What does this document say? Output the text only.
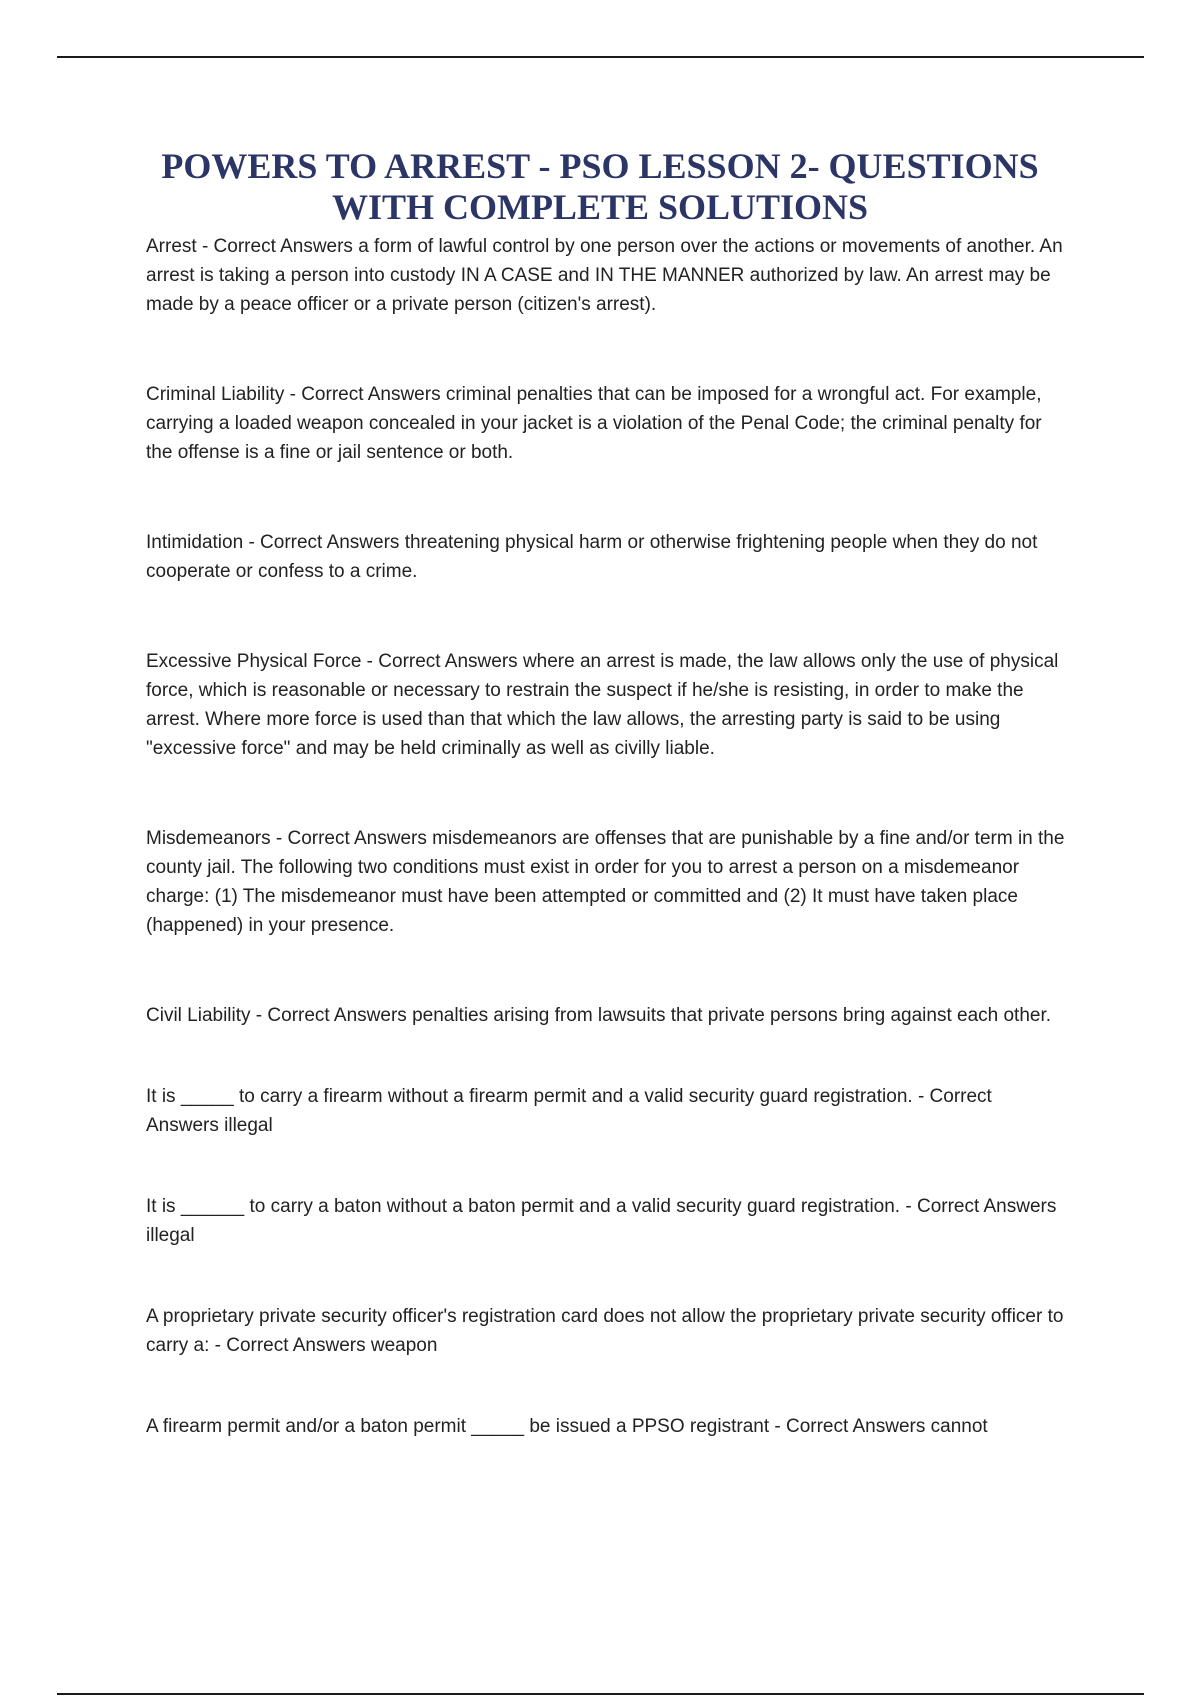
POWERS TO ARREST - PSO LESSON 2- QUESTIONS WITH COMPLETE SOLUTIONS

Arrest - Correct Answers a form of lawful control by one person over the actions or movements of another. An arrest is taking a person into custody IN A CASE and IN THE MANNER authorized by law. An arrest may be made by a peace officer or a private person (citizen's arrest).

Criminal Liability - Correct Answers criminal penalties that can be imposed for a wrongful act. For example, carrying a loaded weapon concealed in your jacket is a violation of the Penal Code; the criminal penalty for the offense is a fine or jail sentence or both.

Intimidation - Correct Answers threatening physical harm or otherwise frightening people when they do not cooperate or confess to a crime.

Excessive Physical Force - Correct Answers where an arrest is made, the law allows only the use of physical force, which is reasonable or necessary to restrain the suspect if he/she is resisting, in order to make the arrest. Where more force is used than that which the law allows, the arresting party is said to be using "excessive force" and may be held criminally as well as civilly liable.

Misdemeanors - Correct Answers misdemeanors are offenses that are punishable by a fine and/or term in the county jail. The following two conditions must exist in order for you to arrest a person on a misdemeanor charge: (1) The misdemeanor must have been attempted or committed and (2) It must have taken place (happened) in your presence.

Civil Liability - Correct Answers penalties arising from lawsuits that private persons bring against each other.

It is _____ to carry a firearm without a firearm permit and a valid security guard registration. - Correct Answers illegal

It is ______ to carry a baton without a baton permit and a valid security guard registration. - Correct Answers illegal

A proprietary private security officer's registration card does not allow the proprietary private security officer to carry a: - Correct Answers weapon

A firearm permit and/or a baton permit _____ be issued a PPSO registrant - Correct Answers cannot
